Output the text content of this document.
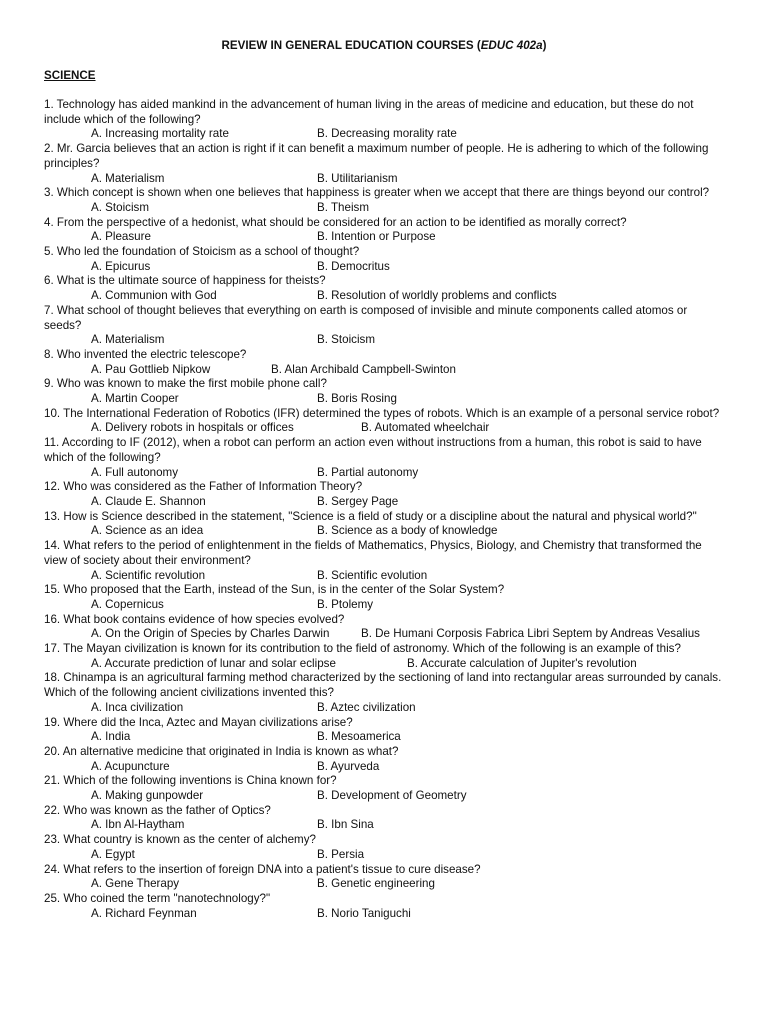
REVIEW IN GENERAL EDUCATION COURSES (EDUC 402a)
SCIENCE

1. Technology has aided mankind in the advancement of human living in the areas of medicine and education, but these do not include which of the following?

A. Increasing mortality rate	B. Decreasing morality rate

2. Mr. Garcia believes that an action is right if it can benefit a maximum number of people. He is adhering to which of the following principles?

A. Materialism	B. Utilitarianism

3. Which concept is shown when one believes that happiness is greater when we accept that there are things beyond our control?

A. Stoicism	B. Theism

4. From the perspective of a hedonist, what should be considered for an action to be identified as morally correct?

A. Pleasure	B. Intention or Purpose

5. Who led the foundation of Stoicism as a school of thought?

A. Epicurus	B. Democritus

6. What is the ultimate source of happiness for theists?

A. Communion with God	B. Resolution of worldly problems and conflicts

7. What school of thought believes that everything on earth is composed of invisible and minute components called atomos or seeds?

A. Materialism	B. Stoicism

8. Who invented the electric telescope?

A. Pau Gottlieb Nipkow	B. Alan Archibald Campbell-Swinton

9. Who was known to make the first mobile phone call?

A. Martin Cooper	B. Boris Rosing

10. The International Federation of Robotics (IFR) determined the types of robots. Which is an example of a personal service robot?

A. Delivery robots in hospitals or offices	B. Automated wheelchair

11. According to IF (2012), when a robot can perform an action even without instructions from a human, this robot is said to have which of the following?

A. Full autonomy	B. Partial autonomy

12. Who was considered as the Father of Information Theory?

A. Claude E. Shannon	B. Sergey Page

13. How is Science described in the statement, "Science is a field of study or a discipline about the natural and physical world?"

A. Science as an idea	B. Science as a body of knowledge

14. What refers to the period of enlightenment in the fields of Mathematics, Physics, Biology, and Chemistry that transformed the view of society about their environment?

A. Scientific revolution	B. Scientific evolution

15. Who proposed that the Earth, instead of the Sun, is in the center of the Solar System?

A. Copernicus	B. Ptolemy

16. What book contains evidence of how species evolved?

A. On the Origin of Species by Charles Darwin	B. De Humani Corposis Fabrica Libri Septem by Andreas Vesalius

17. The Mayan civilization is known for its contribution to the field of astronomy. Which of the following is an example of this?

A. Accurate prediction of lunar and solar eclipse	B. Accurate calculation of Jupiter's revolution

18. Chinampa is an agricultural farming method characterized by the sectioning of land into rectangular areas surrounded by canals. Which of the following ancient civilizations invented this?

A. Inca civilization	B. Aztec civilization

19. Where did the Inca, Aztec and Mayan civilizations arise?

A. India	B. Mesoamerica

20. An alternative medicine that originated in India is known as what?

A. Acupuncture	B. Ayurveda

21. Which of the following inventions is China known for?

A. Making gunpowder	B. Development of Geometry

22. Who was known as the father of Optics?

A. Ibn Al-Haytham	B. Ibn Sina

23. What country is known as the center of alchemy?

A. Egypt	B. Persia

24. What refers to the insertion of foreign DNA into a patient's tissue to cure disease?

A. Gene Therapy	B. Genetic engineering

25. Who coined the term "nanotechnology?"

A. Richard Feynman	B. Norio Taniguchi
